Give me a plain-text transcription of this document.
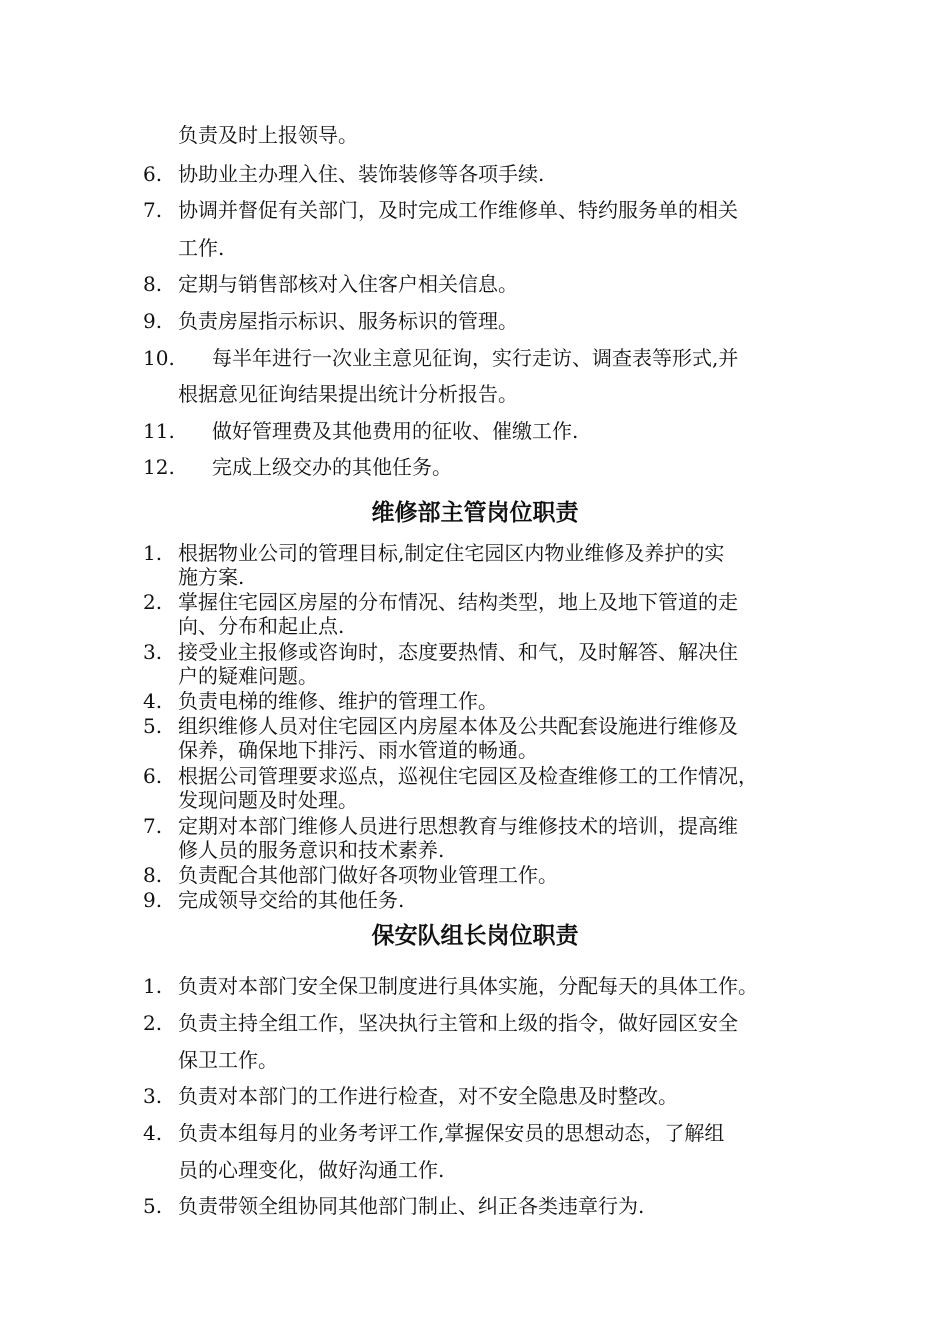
负责及时上报领导。
6. 协助业主办理入住、装饰装修等各项手续.
7. 协调并督促有关部门，及时完成工作维修单、特约服务单的相关
工作.
8. 定期与销售部核对入住客户相关信息。
9. 负责房屋指示标识、服务标识的管理。
10. 每半年进行一次业主意见征询，实行走访、调查表等形式,并
根据意见征询结果提出统计分析报告。
11. 做好管理费及其他费用的征收、催缴工作.
12. 完成上级交办的其他任务。
维修部主管岗位职责
1. 根据物业公司的管理目标,制定住宅园区内物业维修及养护的实
施方案.
2. 掌握住宅园区房屋的分布情况、结构类型，地上及地下管道的走
向、分布和起止点.
3. 接受业主报修或咨询时，态度要热情、和气，及时解答、解决住
户的疑难问题。
4. 负责电梯的维修、维护的管理工作。
5. 组织维修人员对住宅园区内房屋本体及公共配套设施进行维修及
保养，确保地下排污、雨水管道的畅通。
6. 根据公司管理要求巡点，巡视住宅园区及检查维修工的工作情况，
发现问题及时处理。
7. 定期对本部门维修人员进行思想教育与维修技术的培训，提高维
修人员的服务意识和技术素养.
8. 负责配合其他部门做好各项物业管理工作。
9. 完成领导交给的其他任务.
保安队组长岗位职责
1. 负责对本部门安全保卫制度进行具体实施，分配每天的具体工作。
2. 负责主持全组工作，坚决执行主管和上级的指令，做好园区安全
保卫工作。
3. 负责对本部门的工作进行检查，对不安全隐患及时整改。
4. 负责本组每月的业务考评工作,掌握保安员的思想动态，了解组
员的心理变化，做好沟通工作.
5. 负责带领全组协同其他部门制止、纠正各类违章行为.
